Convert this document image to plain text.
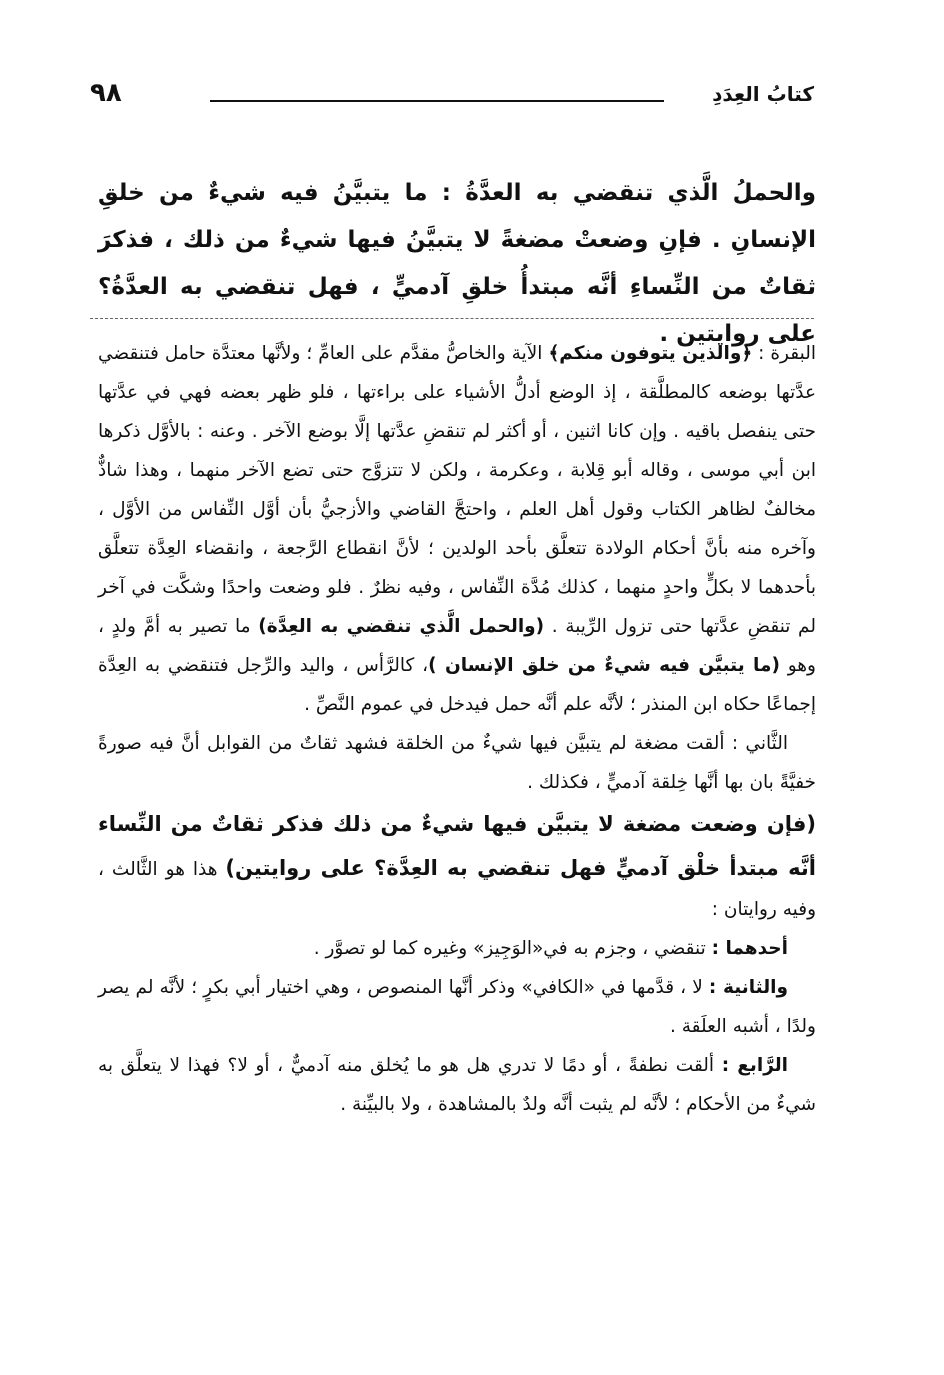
كتابُ العِدَدِ
٩٨
والحملُ الَّذي تنقضي به العدَّةُ : ما يتبيَّنُ فيه شيءٌ من خلقِ الإنسانِ . فإنِ وضعتْ مضغةً لا يتبيَّنُ فيها شيءٌ من ذلك ، فذكرَ ثقاتٌ من النِّساءِ أنَّه مبتدأُ خلقِ آدميٍّ ، فهل تنقضي به العدَّةُ؟ على روايتين .

البقرة : ﴿والذين يتوفون منكم﴾ الآية والخاصُّ مقدَّم على العامِّ ؛ ولأنَّها معتدَّة حامل فتنقضي عدَّتها بوضعه كالمطلَّقة ، إذ الوضع أدلُّ الأشياء على براءتها ، فلو ظهر بعضه فهي في عدَّتها حتى ينفصل باقيه . وإن كانا اثنين ، أو أكثر لم تنقضِ عدَّتها إلَّا بوضع الآخر . وعنه : بالأوَّل ذكرها ابن أبي موسى ، وقاله أبو قِلابة ، وعكرمة ، ولكن لا تتزوَّج حتى تضع الآخر منهما ، وهذا شاذٌّ مخالفٌ لظاهر الكتاب وقول أهل العلم ، واحتجَّ القاضي والأزجيُّ بأن أوَّل النِّفاس من الأوَّل ، وآخره منه بأنَّ أحكام الولادة تتعلَّق بأحد الولدين ؛ لأنَّ انقطاع الرَّجعة ، وانقضاء العِدَّة تتعلَّق بأحدهما لا بكلٍّ واحدٍ منهما ، كذلك مُدَّة النِّفاس ، وفيه نظرٌ . فلو وضعت واحدًا وشكَّت في آخر لم تنقضِ عدَّتها حتى تزول الرِّيبة . (والحمل الَّذي تنقضي به العِدَّة) ما تصير به أمَّ ولدٍ ، وهو (ما يتبيَّن فيه شيءٌ من خلق الإنسان )، كالرَّأس ، واليد والرِّجل فتنقضي به العِدَّة إجماعًا حكاه ابن المنذر ؛ لأنَّه علم أنَّه حمل فيدخل في عموم النَّصِّ .

الثَّاني : ألقت مضغة لم يتبيَّن فيها شيءٌ من الخلقة فشهد ثقاتٌ من القوابل أنَّ فيه صورةً خفيَّةً بان بها أنَّها خِلقة آدميٍّ ، فكذلك .

(فإن وضعت مضغة لا يتبيَّن فيها شيءٌ من ذلك فذكر ثقاتٌ من النِّساء أنَّه مبتدأ خلْق آدميٍّ فهل تنقضي به العِدَّة؟ على روايتين) هذا هو الثَّالث ، وفيه روايتان :

أحدهما : تنقضي ، وجزم به في«الوَجِيز» وغيره كما لو تصوَّر .

والثانية : لا ، قدَّمها في «الكافي» وذكر أنَّها المنصوص ، وهي اختيار أبي بكرٍ ؛ لأنَّه لم يصر ولدًا ، أشبه العلَقة .

الرَّابع : ألقت نطفةً ، أو دمًا لا تدري هل هو ما يُخلق منه آدميٌّ ، أو لا؟ فهذا لا يتعلَّق به شيءٌ من الأحكام ؛ لأنَّه لم يثبت أنَّه ولدٌ بالمشاهدة ، ولا بالبيِّنة .
